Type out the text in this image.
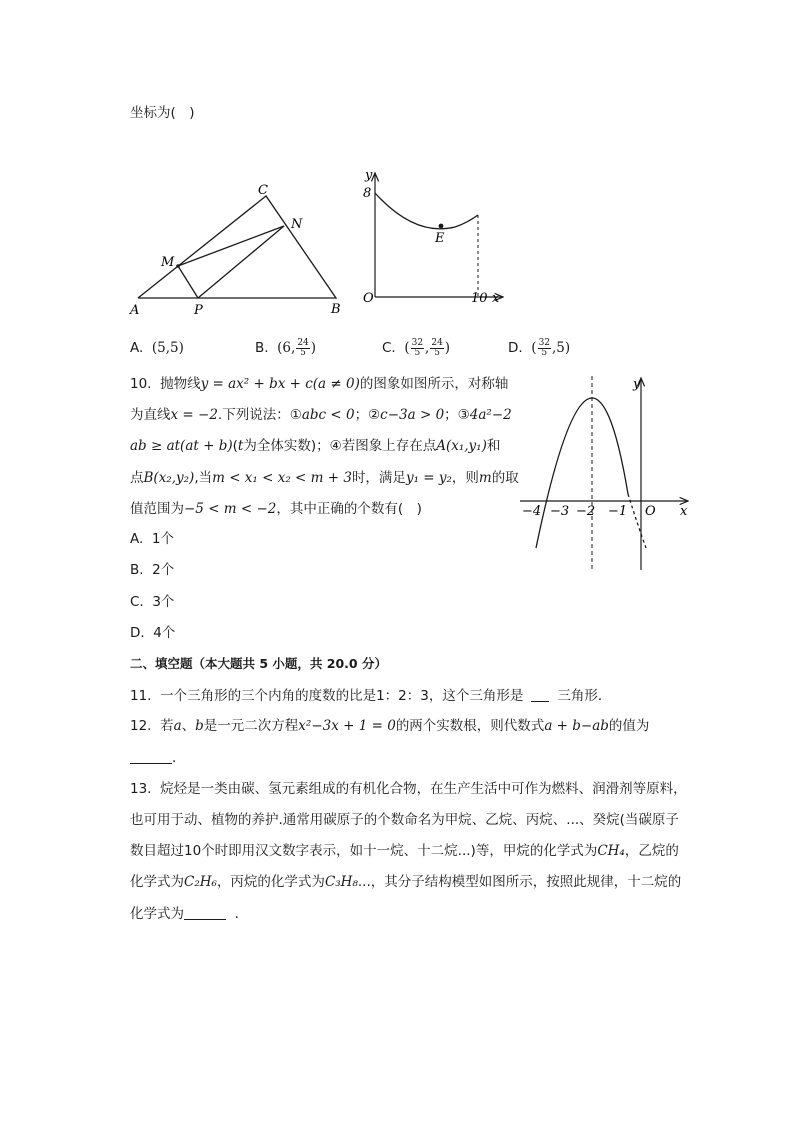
坐标为(　)
A	B
C
M
N
P
y
x
8
10
O
E
A. (5,5)	B. (6, $\frac{24}{5}$ )	C. ( $\frac{32}{5}$ , $\frac{24}{5}$ )	D. ( $\frac{32}{5} ,5$)
10. 抛物线y = ax² + bx + c(a ≠ 0)的图象如图所示，对称轴
为直线x = −2.下列说法：①abc < 0；②c−3a > 0；③4a²−2
ab ≥ at(at + b)(t为全体实数)；④若图象上存在点A(x₁,y₁)和
点B(x₂,y₂),当m < x₁ < x₂ < m + 3时，满足y₁ = y₂，则m的取
值范围为−5 < m < −2，其中正确的个数有(　)
A. 1个
B. 2个
C. 3个
D. 4个
y
x
O
−4 −3 −2 −1
二、填空题（本大题共 5 小题，共 20.0 分）
11. 一个三角形的三个内角的度数的比是1：2：3，这个三角形是	三角形．
12. 若a、b是一元二次方程x²−3x + 1 = 0的两个实数根，则代数式a + b−ab的值为
．
13. 烷烃是一类由碳、氢元素组成的有机化合物，在生产生活中可作为燃料、润滑剂等原料，
也可用于动、植物的养护.通常用碳原子的个数命名为甲烷、乙烷、丙烷、...、癸烷(当碳原子
数目超过10个时即用汉文数字表示，如十一烷、十二烷...)等，甲烷的化学式为CH₄，乙烷的
化学式为C₂H₆，丙烷的化学式为C₃H₈...，其分子结构模型如图所示，按照此规律，十二烷的
化学式为	．
